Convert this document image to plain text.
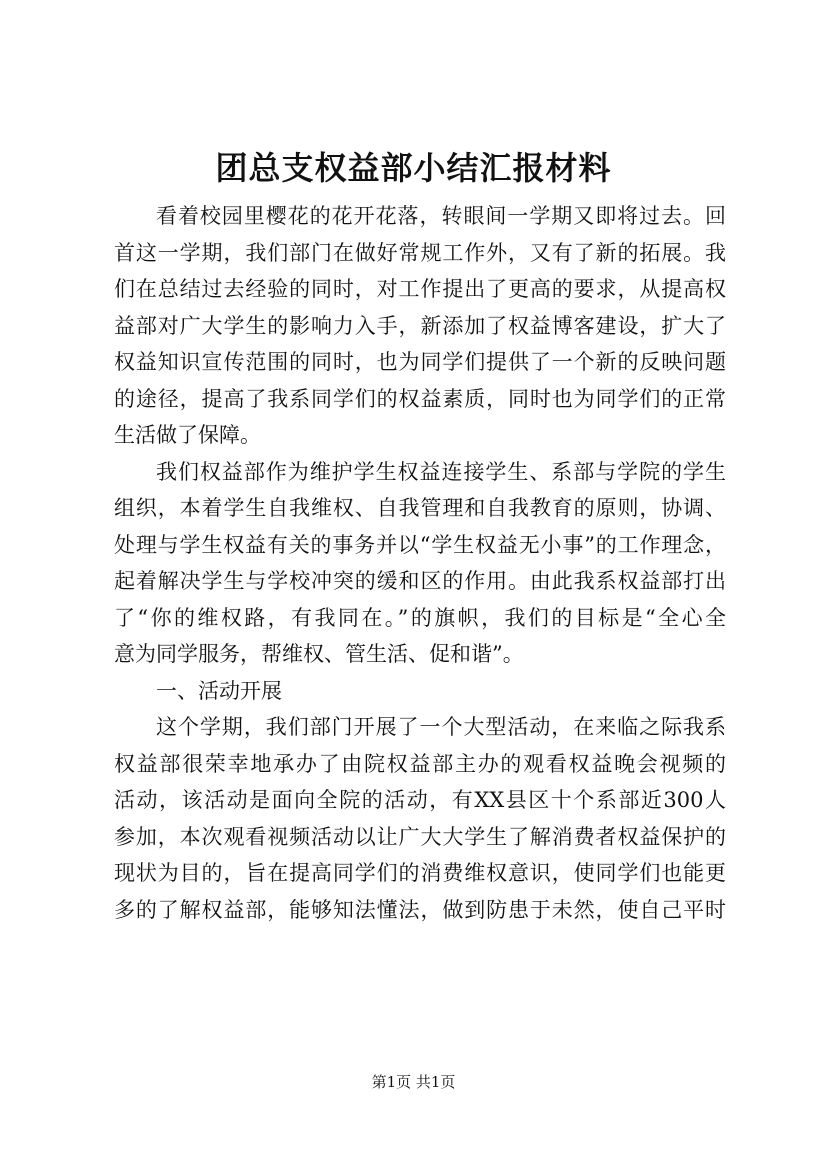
团总支权益部小结汇报材料
看着校园里樱花的花开花落，转眼间一学期又即将过去。回
首这一学期，我们部门在做好常规工作外，又有了新的拓展。我
们在总结过去经验的同时，对工作提出了更高的要求，从提高权
益部对广大学生的影响力入手，新添加了权益博客建设，扩大了
权益知识宣传范围的同时，也为同学们提供了一个新的反映问题
的途径，提高了我系同学们的权益素质，同时也为同学们的正常
生活做了保障。
我们权益部作为维护学生权益连接学生、系部与学院的学生
组织，本着学生自我维权、自我管理和自我教育的原则，协调、
处理与学生权益有关的事务并以“学生权益无小事”的工作理念，
起着解决学生与学校冲突的缓和区的作用。由此我系权益部打出
了“你的维权路，有我同在。”的旗帜，我们的目标是“全心全
意为同学服务，帮维权、管生活、促和谐”。
一、活动开展
这个学期，我们部门开展了一个大型活动，在来临之际我系
权益部很荣幸地承办了由院权益部主办的观看权益晚会视频的
活动，该活动是面向全院的活动，有XX县区十个系部近300人
参加，本次观看视频活动以让广大大学生了解消费者权益保护的
现状为目的，旨在提高同学们的消费维权意识，使同学们也能更
多的了解权益部，能够知法懂法，做到防患于未然，使自己平时
第1页 共1页
